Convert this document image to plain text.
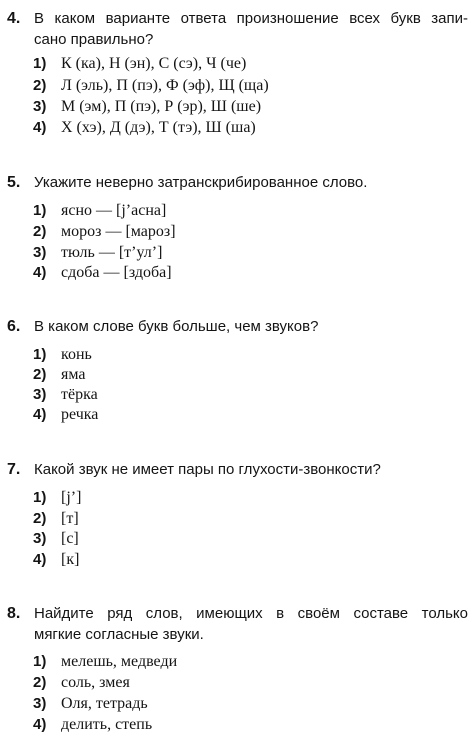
4. В каком варианте ответа произношение всех букв запи-
сано правильно?

1) К (ка), Н (эн), С (сэ), Ч (че)
2) Л (эль), П (пэ), Ф (эф), Щ (ща)
3) М (эм), П (пэ), Р (эр), Ш (ше)
4) Х (хэ), Д (дэ), Т (тэ), Ш (ша)
5. Укажите неверно затранскрибированное слово.

1) ясно — [j’асна]
2) мороз — [мароз]
3) тюль — [т’ул’]
4) сдоба — [здоба]
6. В каком слове букв больше, чем звуков?

1) конь
2) яма
3) тёрка
4) речка
7. Какой звук не имеет пары по глухости-звонкости?

1) [j’]
2) [т]
3) [с]
4) [к]
8. Найдите ряд слов, имеющих в своём составе только
мягкие согласные звуки.

1) мелешь, медведи
2) соль, змея
3) Оля, тетрадь
4) делить, степь
